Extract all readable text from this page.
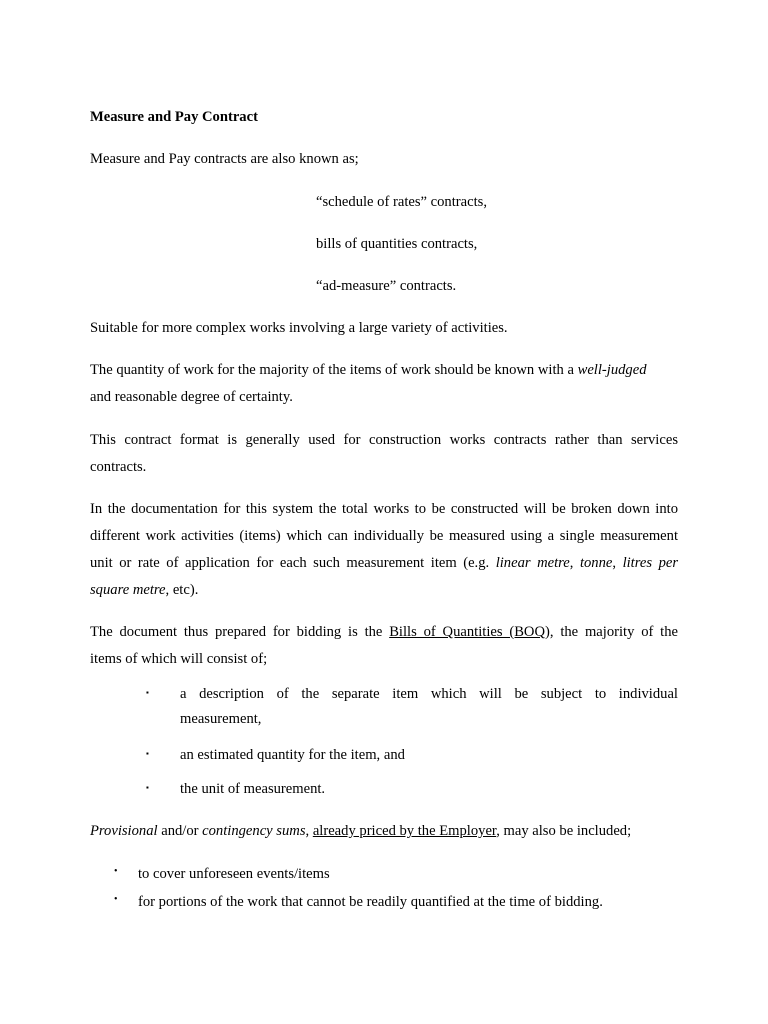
Measure and Pay Contract

Measure and Pay contracts are also known as;

“schedule of rates” contracts,

bills of quantities contracts,

“ad-measure” contracts.

Suitable for more complex works involving a large variety of activities.

The quantity of work for the majority of the items of work should be known with a well-judged
and reasonable degree of certainty.
This contract format is generally used for construction works contracts rather than services
contracts.
In the documentation for this system the total works to be constructed will be broken down into
different work activities (items) which can individually be measured using a single measurement
unit or rate of application for each such measurement item (e.g. linear metre, tonne, litres per
square metre, etc).
The document thus prepared for bidding is the Bills of Quantities (BOQ), the majority of the
items of which will consist of;
▪ a description of the separate item which will be subject to individual
measurement,
▪ an estimated quantity for the item, and

▪ the unit of measurement.

Provisional and/or contingency sums, already priced by the Employer, may also be included;

• to cover unforeseen events/items

• for portions of the work that cannot be readily quantified at the time of bidding.
